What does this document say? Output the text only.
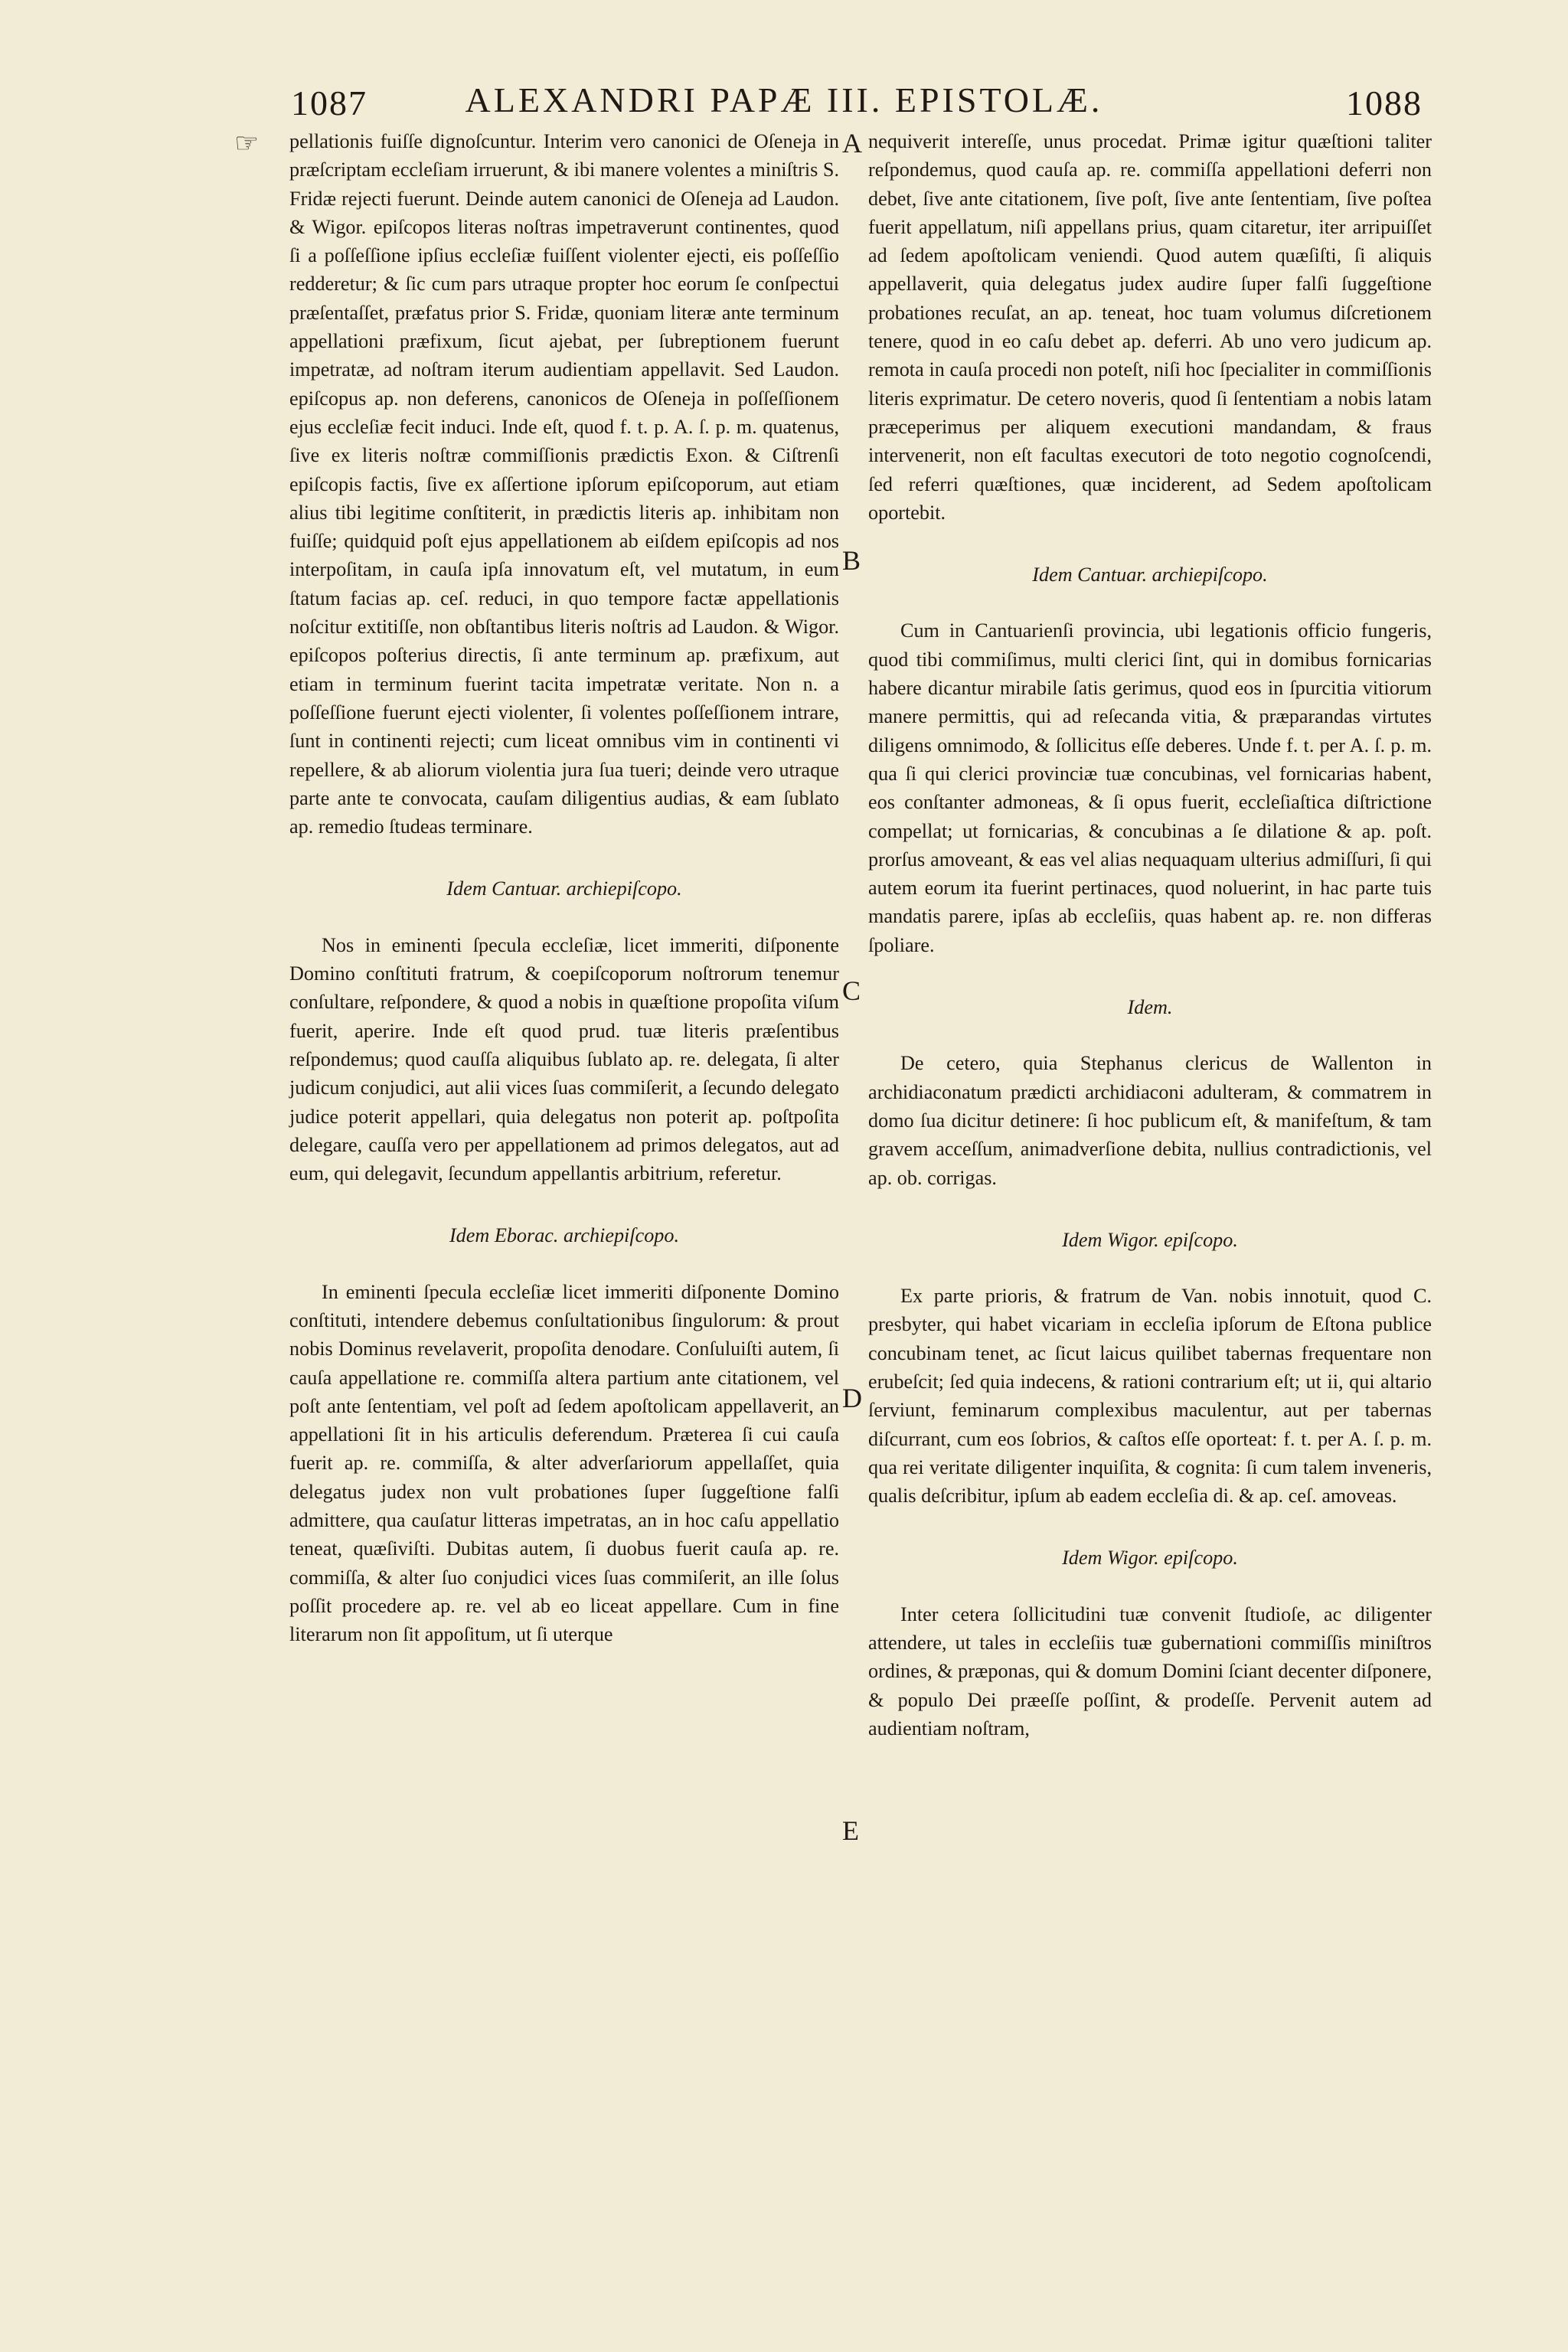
1087	ALEXANDRI PAPÆ III. EPISTOLÆ.	1088
☞	A
B
C
D
E

pellationis fuiſſe dignoſcuntur. Interim vero canonici de Oſeneja in præſcriptam eccleſiam irruerunt, & ibi manere volentes a miniſtris S. Fridæ rejecti fuerunt. Deinde autem canonici de Oſeneja ad Laudon. & Wigor. epiſcopos literas noſtras impetraverunt continentes, quod ſi a poſſeſſione ipſius eccleſiæ fuiſſent violenter ejecti, eis poſſeſſio redderetur; & ſic cum pars utraque propter hoc eorum ſe conſpectui præſentaſſet, præfatus prior S. Fridæ, quoniam literæ ante terminum appellationi præfixum, ſicut ajebat, per ſubreptionem fuerunt impetratæ, ad noſtram iterum audientiam appellavit. Sed Laudon. epiſcopus ap. non deferens, canonicos de Oſeneja in poſſeſſionem ejus eccleſiæ fecit induci. Inde eſt, quod f. t. p. A. ſ. p. m. quatenus, ſive ex literis noſtræ commiſſionis prædictis Exon. & Ciſtrenſi epiſcopis factis, ſive ex aſſertione ipſorum epiſcoporum, aut etiam alius tibi legitime conſtiterit, in prædictis literis ap. inhibitam non fuiſſe; quidquid poſt ejus appellationem ab eiſdem epiſcopis ad nos interpoſitam, in cauſa ipſa innovatum eſt, vel mutatum, in eum ſtatum facias ap. ceſ. reduci, in quo tempore factæ appellationis noſcitur extitiſſe, non obſtantibus literis noſtris ad Laudon. & Wigor. epiſcopos poſterius directis, ſi ante terminum ap. præfixum, aut etiam in terminum fuerint tacita impetratæ veritate. Non n. a poſſeſſione fuerunt ejecti violenter, ſi volentes poſſeſſionem intrare, ſunt in continenti rejecti; cum liceat omnibus vim in continenti vi repellere, & ab aliorum violentia jura ſua tueri; deinde vero utraque parte ante te convocata, cauſam diligentius audias, & eam ſublato ap. remedio ſtudeas terminare.

Idem Cantuar. archiepiſcopo.

Nos in eminenti ſpecula eccleſiæ, licet immeriti, diſponente Domino conſtituti fratrum, & coepiſcoporum noſtrorum tenemur conſultare, reſpondere, & quod a nobis in quæſtione propoſita viſum fuerit, aperire. Inde eſt quod prud. tuæ literis præſentibus reſpondemus; quod cauſſa aliquibus ſublato ap. re. delegata, ſi alter judicum conjudici, aut alii vices ſuas commiſerit, a ſecundo delegato judice poterit appellari, quia delegatus non poterit ap. poſtpoſita delegare, cauſſa vero per appellationem ad primos delegatos, aut ad eum, qui delegavit, ſecundum appellantis arbitrium, referetur.

Idem Eborac. archiepiſcopo.

In eminenti ſpecula eccleſiæ licet immeriti diſponente Domino conſtituti, intendere debemus conſultationibus ſingulorum: & prout nobis Dominus revelaverit, propoſita denodare. Conſuluiſti autem, ſi cauſa appellatione re. commiſſa altera partium ante citationem, vel poſt ante ſententiam, vel poſt ad ſedem apoſtolicam appellaverit, an appellationi ſit in his articulis deferendum. Præterea ſi cui cauſa fuerit ap. re. commiſſa, & alter adverſariorum appellaſſet, quia delegatus judex non vult probationes ſuper ſuggeſtione falſi admittere, qua cauſatur litteras impetratas, an in hoc caſu appellatio teneat, quæſiviſti. Dubitas autem, ſi duobus fuerit cauſa ap. re. commiſſa, & alter ſuo conjudici vices ſuas commiſerit, an ille ſolus poſſit procedere ap. re. vel ab eo liceat appellare. Cum in fine literarum non ſit appoſitum, ut ſi uterque

nequiverit intereſſe, unus procedat. Primæ igitur quæſtioni taliter reſpondemus, quod cauſa ap. re. commiſſa appellationi deferri non debet, ſive ante citationem, ſive poſt, ſive ante ſententiam, ſive poſtea fuerit appellatum, niſi appellans prius, quam citaretur, iter arripuiſſet ad ſedem apoſtolicam veniendi. Quod autem quæſiſti, ſi aliquis appellaverit, quia delegatus judex audire ſuper falſi ſuggeſtione probationes recuſat, an ap. teneat, hoc tuam volumus diſcretionem tenere, quod in eo caſu debet ap. deferri. Ab uno vero judicum ap. remota in cauſa procedi non poteſt, niſi hoc ſpecialiter in commiſſionis literis exprimatur. De cetero noveris, quod ſi ſententiam a nobis latam præceperimus per aliquem executioni mandandam, & fraus intervenerit, non eſt facultas executori de toto negotio cognoſcendi, ſed referri quæſtiones, quæ inciderent, ad Sedem apoſtolicam oportebit.

Idem Cantuar. archiepiſcopo.

Cum in Cantuarienſi provincia, ubi legationis officio fungeris, quod tibi commiſimus, multi clerici ſint, qui in domibus fornicarias habere dicantur mirabile ſatis gerimus, quod eos in ſpurcitia vitiorum manere permittis, qui ad reſecanda vitia, & præparandas virtutes diligens omnimodo, & ſollicitus eſſe deberes. Unde f. t. per A. ſ. p. m. qua ſi qui clerici provinciæ tuæ concubinas, vel fornicarias habent, eos conſtanter admoneas, & ſi opus fuerit, eccleſiaſtica diſtrictione compellat; ut fornicarias, & concubinas a ſe dilatione & ap. poſt. prorſus amoveant, & eas vel alias nequaquam ulterius admiſſuri, ſi qui autem eorum ita fuerint pertinaces, quod noluerint, in hac parte tuis mandatis parere, ipſas ab eccleſiis, quas habent ap. re. non differas ſpoliare.

Idem.

De cetero, quia Stephanus clericus de Wallenton in archidiaconatum prædicti archidiaconi adulteram, & commatrem in domo ſua dicitur detinere: ſi hoc publicum eſt, & manifeſtum, & tam gravem acceſſum, animadverſione debita, nullius contradictionis, vel ap. ob. corrigas.

Idem Wigor. epiſcopo.

Ex parte prioris, & fratrum de Van. nobis innotuit, quod C. presbyter, qui habet vicariam in eccleſia ipſorum de Eſtona publice concubinam tenet, ac ſicut laicus quilibet tabernas frequentare non erubeſcit; ſed quia indecens, & rationi contrarium eſt; ut ii, qui altario ſerviunt, feminarum complexibus maculentur, aut per tabernas diſcurrant, cum eos ſobrios, & caſtos eſſe oporteat: f. t. per A. ſ. p. m. qua rei veritate diligenter inquiſita, & cognita: ſi cum talem inveneris, qualis deſcribitur, ipſum ab eadem eccleſia di. & ap. ceſ. amoveas.

Idem Wigor. epiſcopo.

Inter cetera ſollicitudini tuæ convenit ſtudioſe, ac diligenter attendere, ut tales in eccleſiis tuæ gubernationi commiſſis miniſtros ordines, & præponas, qui & domum Domini ſciant decenter diſponere, & populo Dei præeſſe poſſint, & prodeſſe. Pervenit autem ad audientiam noſtram,
